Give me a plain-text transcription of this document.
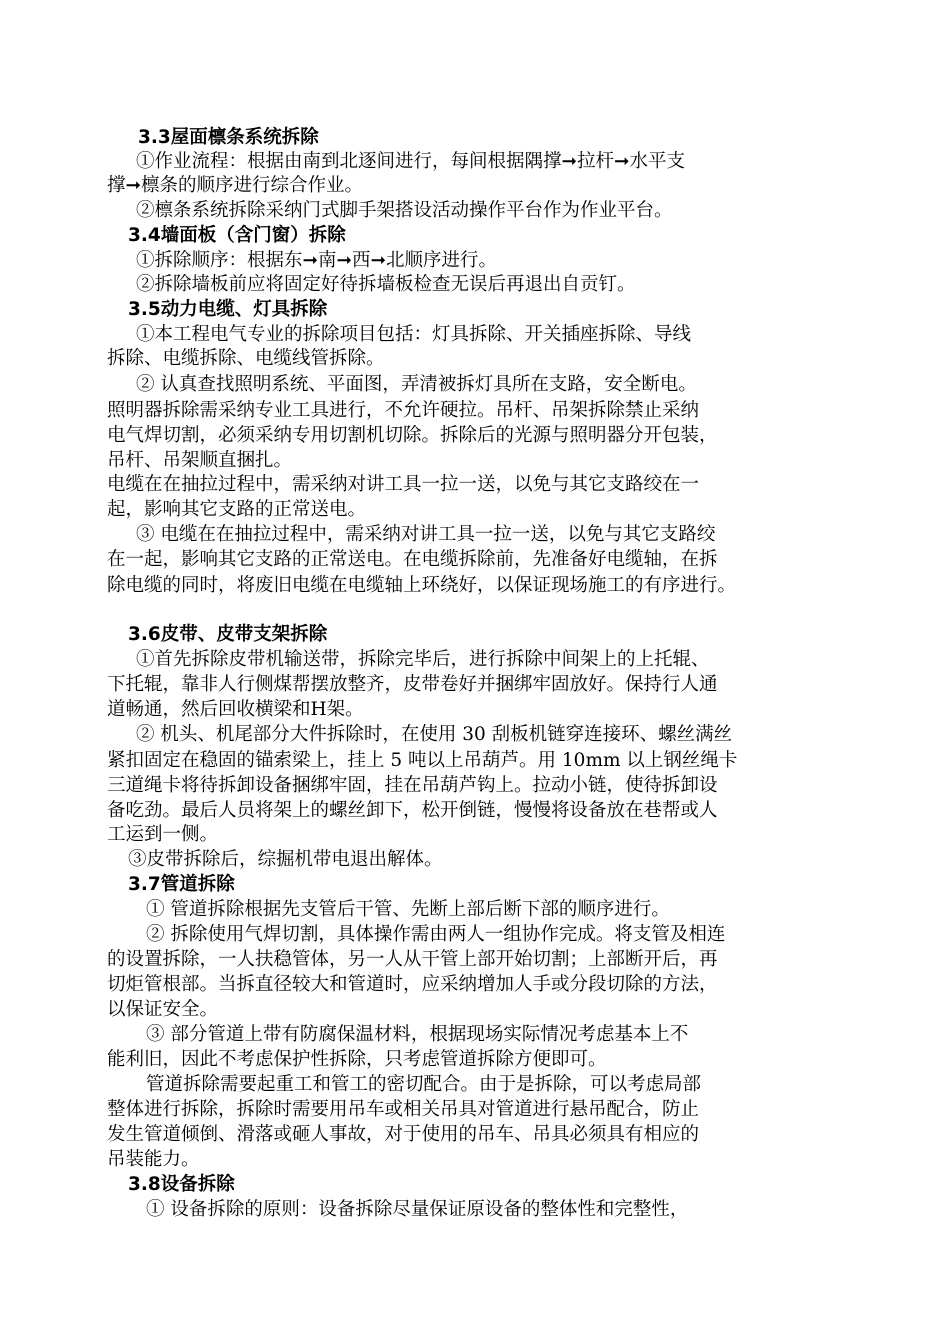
3.3屋面檩条系统拆除
①作业流程：根据由南到北逐间进行，每间根据隅撑➞拉杆➞水平支
撑➞檩条的顺序进行综合作业。
②檩条系统拆除采纳门式脚手架搭设活动操作平台作为作业平台。
3.4墙面板（含门窗）拆除
①拆除顺序：根据东➞南➞西➞北顺序进行。
②拆除墙板前应将固定好待拆墙板检查无误后再退出自贡钉。
3.5动力电缆、灯具拆除
①本工程电气专业的拆除项目包括：灯具拆除、开关插座拆除、导线
拆除、电缆拆除、电缆线管拆除。
② 认真查找照明系统、平面图，弄清被拆灯具所在支路，安全断电。
照明器拆除需采纳专业工具进行，不允许硬拉。吊杆、吊架拆除禁止采纳
电气焊切割，必须采纳专用切割机切除。拆除后的光源与照明器分开包装，
吊杆、吊架顺直捆扎。
电缆在在抽拉过程中，需采纳对讲工具一拉一送，以免与其它支路绞在一
起，影响其它支路的正常送电。
③ 电缆在在抽拉过程中，需采纳对讲工具一拉一送，以免与其它支路绞
在一起，影响其它支路的正常送电。在电缆拆除前，先准备好电缆轴，在拆
除电缆的同时，将废旧电缆在电缆轴上环绕好，以保证现场施工的有序进行。
3.6皮带、皮带支架拆除
①首先拆除皮带机输送带，拆除完毕后，进行拆除中间架上的上托辊、
下托辊，靠非人行侧煤帮摆放整齐，皮带卷好并捆绑牢固放好。保持行人通
道畅通，然后回收横梁和H架。
② 机头、机尾部分大件拆除时，在使用 30 刮板机链穿连接环、螺丝满丝
紧扣固定在稳固的锚索梁上，挂上 5 吨以上吊葫芦。用 10mm 以上钢丝绳卡
三道绳卡将待拆卸设备捆绑牢固，挂在吊葫芦钩上。拉动小链，使待拆卸设
备吃劲。最后人员将架上的螺丝卸下，松开倒链，慢慢将设备放在巷帮或人
工运到一侧。
③皮带拆除后，综掘机带电退出解体。
3.7管道拆除
① 管道拆除根据先支管后干管、先断上部后断下部的顺序进行。
② 拆除使用气焊切割，具体操作需由两人一组协作完成。将支管及相连
的设置拆除，一人扶稳管体，另一人从干管上部开始切割；上部断开后，再
切炬管根部。当拆直径较大和管道时，应采纳增加人手或分段切除的方法，
以保证安全。
③ 部分管道上带有防腐保温材料，根据现场实际情况考虑基本上不
能利旧，因此不考虑保护性拆除，只考虑管道拆除方便即可。
管道拆除需要起重工和管工的密切配合。由于是拆除，可以考虑局部
整体进行拆除，拆除时需要用吊车或相关吊具对管道进行悬吊配合，防止
发生管道倾倒、滑落或砸人事故，对于使用的吊车、吊具必须具有相应的
吊装能力。
3.8设备拆除
① 设备拆除的原则：设备拆除尽量保证原设备的整体性和完整性，
